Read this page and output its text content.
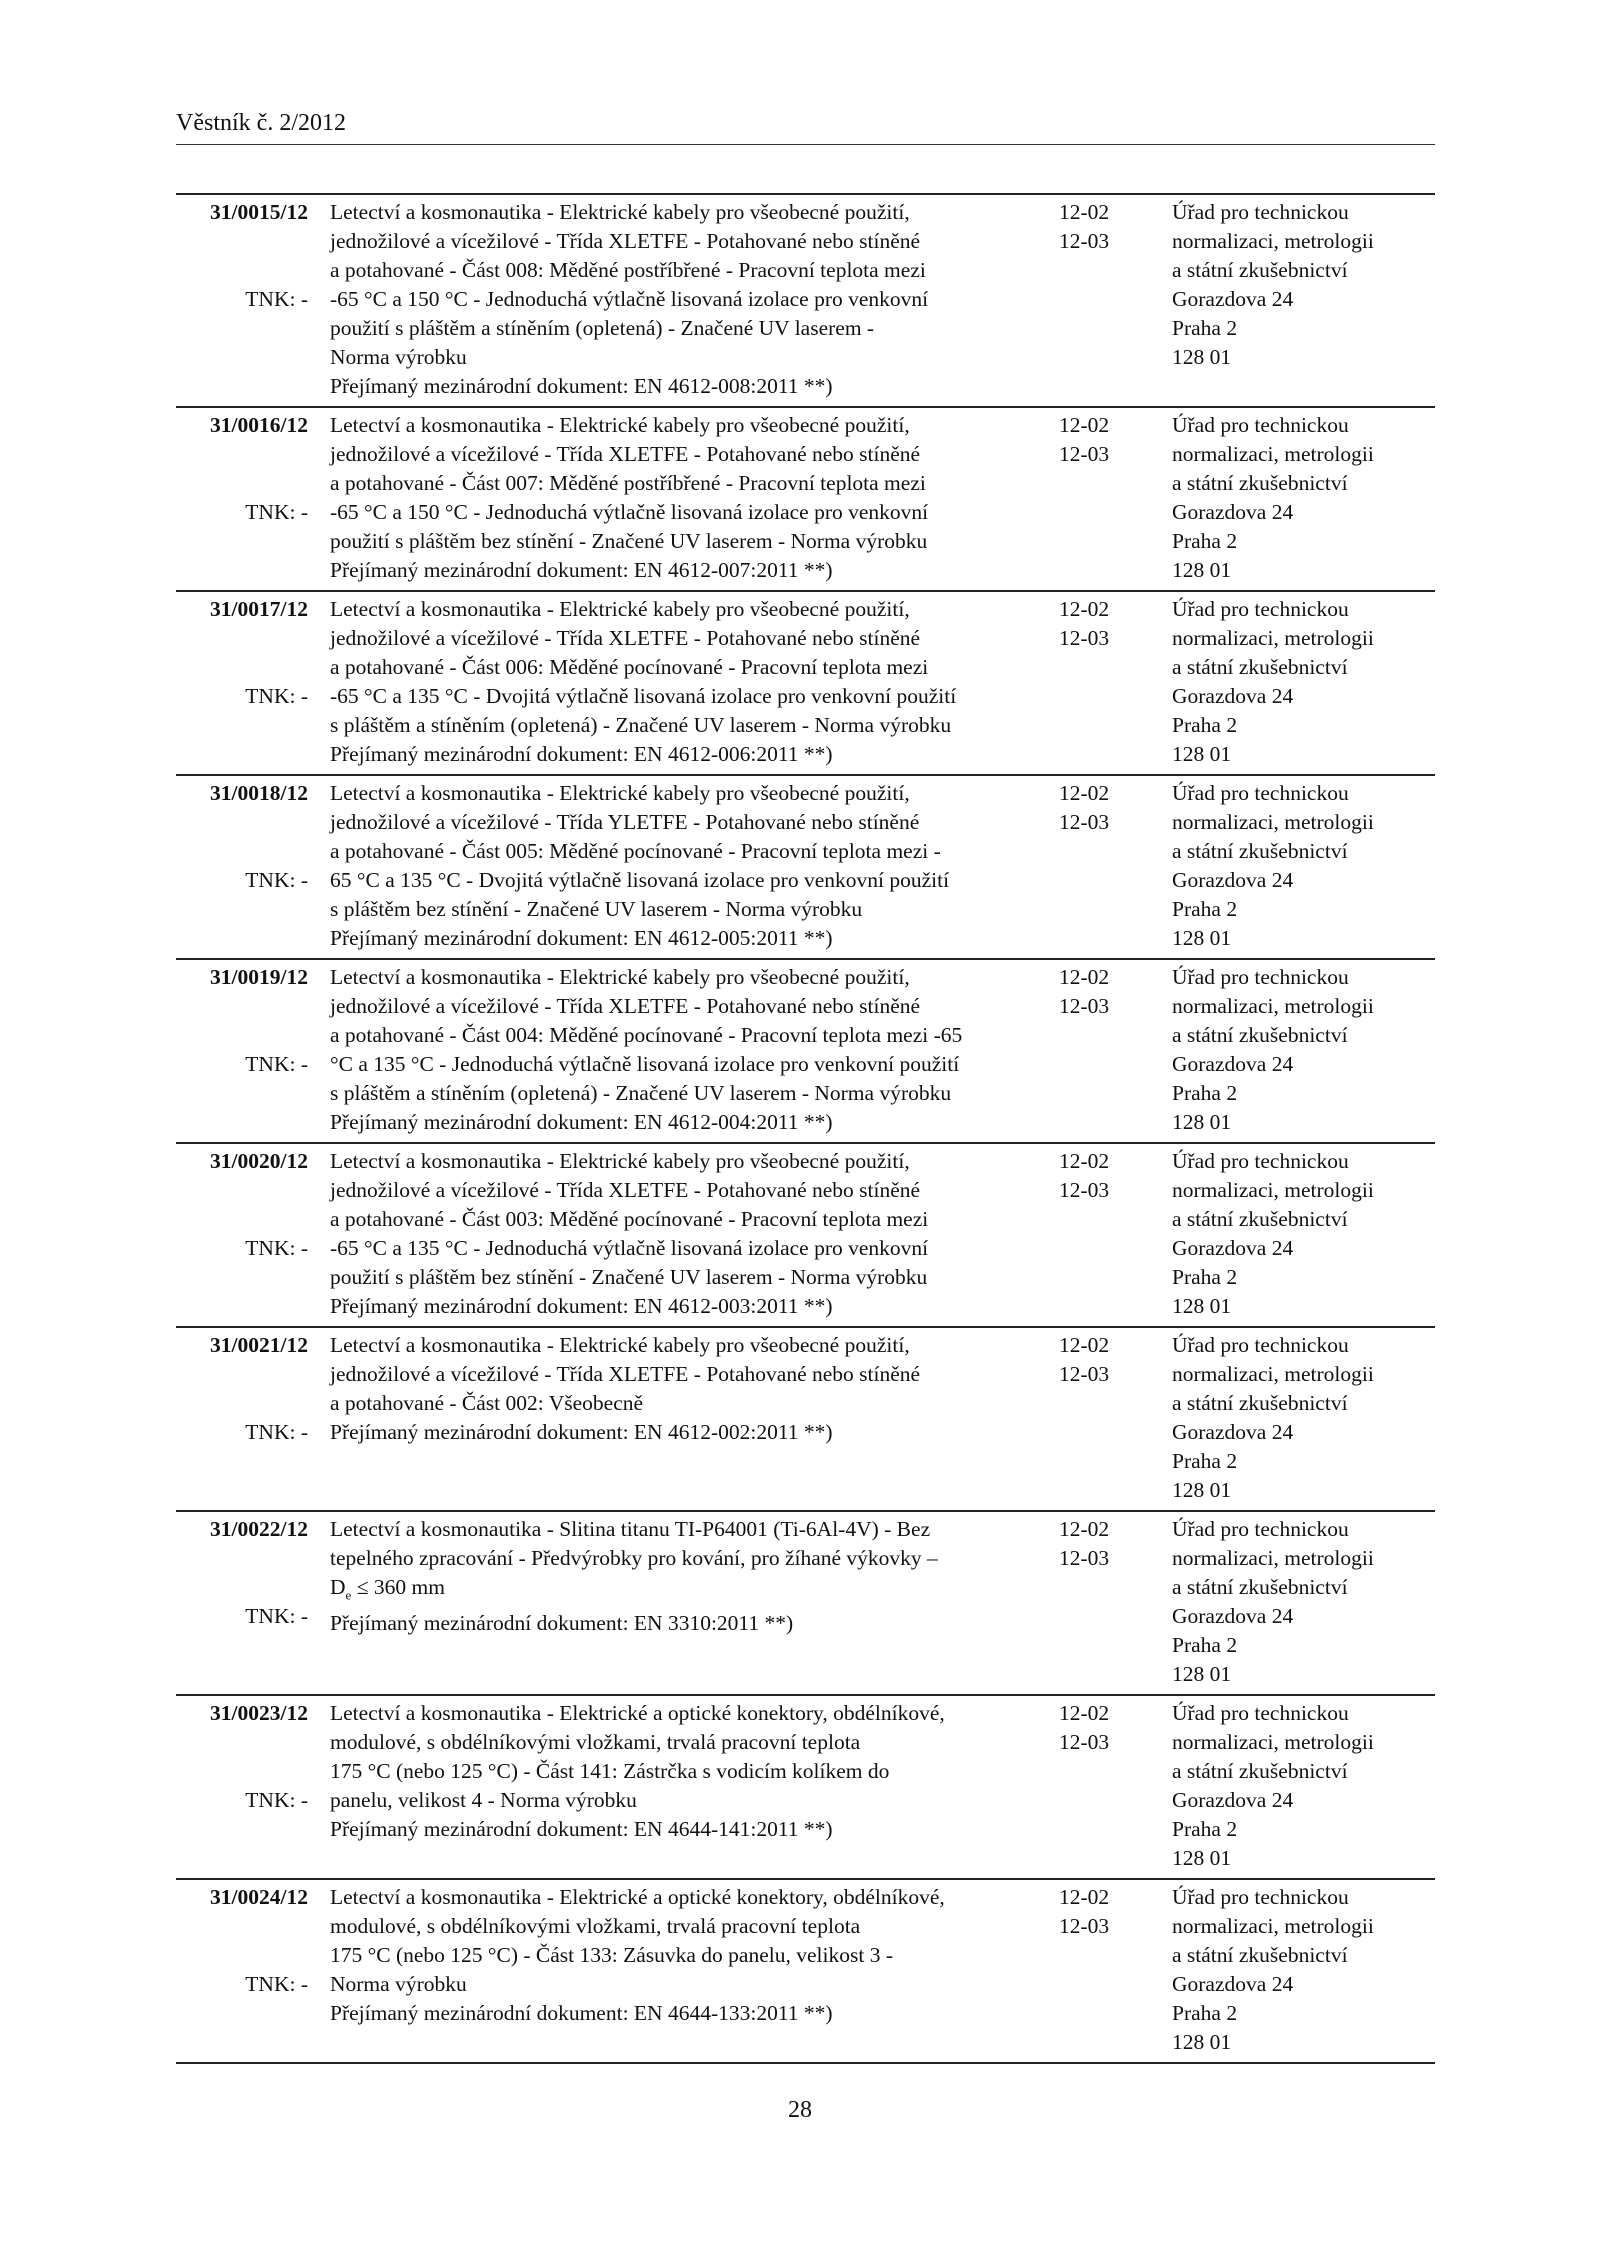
Věstník č. 2/2012
31/0015/12

TNK: -
Letectví a kosmonautika - Elektrické kabely pro všeobecné použití,
jednožilové a vícežilové - Třída XLETFE - Potahované nebo stíněné
a potahované - Část 008: Měděné postříbřené - Pracovní teplota mezi
-65 °C a 150 °C - Jednoduchá výtlačně lisovaná izolace pro venkovní
použití s pláštěm a stíněním (opletená) - Značené UV laserem -
Norma výrobku
Přejímaný mezinárodní dokument: EN 4612-008:2011 **)
12-02
12-03
Úřad pro technickou
normalizaci, metrologii
a státní zkušebnictví
Gorazdova 24
Praha 2
128 01
31/0016/12

TNK: -
Letectví a kosmonautika - Elektrické kabely pro všeobecné použití,
jednožilové a vícežilové - Třída XLETFE - Potahované nebo stíněné
a potahované - Část 007: Měděné postříbřené - Pracovní teplota mezi
-65 °C a 150 °C - Jednoduchá výtlačně lisovaná izolace pro venkovní
použití s pláštěm bez stínění - Značené UV laserem - Norma výrobku
Přejímaný mezinárodní dokument: EN 4612-007:2011 **)
12-02
12-03
Úřad pro technickou
normalizaci, metrologii
a státní zkušebnictví
Gorazdova 24
Praha 2
128 01
31/0017/12

TNK: -
Letectví a kosmonautika - Elektrické kabely pro všeobecné použití,
jednožilové a vícežilové - Třída XLETFE - Potahované nebo stíněné
a potahované - Část 006: Měděné pocínované - Pracovní teplota mezi
-65 °C a 135 °C - Dvojitá výtlačně lisovaná izolace pro venkovní použití
s pláštěm a stíněním (opletená) - Značené UV laserem - Norma výrobku
Přejímaný mezinárodní dokument: EN 4612-006:2011 **)
12-02
12-03
Úřad pro technickou
normalizaci, metrologii
a státní zkušebnictví
Gorazdova 24
Praha 2
128 01
31/0018/12

TNK: -
Letectví a kosmonautika - Elektrické kabely pro všeobecné použití,
jednožilové a vícežilové - Třída YLETFE - Potahované nebo stíněné
a potahované - Část 005: Měděné pocínované - Pracovní teplota mezi -
65 °C a 135 °C - Dvojitá výtlačně lisovaná izolace pro venkovní použití
s pláštěm bez stínění - Značené UV laserem - Norma výrobku
Přejímaný mezinárodní dokument: EN 4612-005:2011 **)
12-02
12-03
Úřad pro technickou
normalizaci, metrologii
a státní zkušebnictví
Gorazdova 24
Praha 2
128 01
31/0019/12

TNK: -
Letectví a kosmonautika - Elektrické kabely pro všeobecné použití,
jednožilové a vícežilové - Třída XLETFE - Potahované nebo stíněné
a potahované - Část 004: Měděné pocínované - Pracovní teplota mezi -65
°C a 135 °C - Jednoduchá výtlačně lisovaná izolace pro venkovní použití
s pláštěm a stíněním (opletená) - Značené UV laserem - Norma výrobku
Přejímaný mezinárodní dokument: EN 4612-004:2011 **)
12-02
12-03
Úřad pro technickou
normalizaci, metrologii
a státní zkušebnictví
Gorazdova 24
Praha 2
128 01
31/0020/12

TNK: -
Letectví a kosmonautika - Elektrické kabely pro všeobecné použití,
jednožilové a vícežilové - Třída XLETFE - Potahované nebo stíněné
a potahované - Část 003: Měděné pocínované - Pracovní teplota mezi
-65 °C a 135 °C - Jednoduchá výtlačně lisovaná izolace pro venkovní
použití s pláštěm bez stínění - Značené UV laserem - Norma výrobku
Přejímaný mezinárodní dokument: EN 4612-003:2011 **)
12-02
12-03
Úřad pro technickou
normalizaci, metrologii
a státní zkušebnictví
Gorazdova 24
Praha 2
128 01
31/0021/12

TNK: -
Letectví a kosmonautika - Elektrické kabely pro všeobecné použití,
jednožilové a vícežilové - Třída XLETFE - Potahované nebo stíněné
a potahované - Část 002: Všeobecně
Přejímaný mezinárodní dokument: EN 4612-002:2011 **)
12-02
12-03
Úřad pro technickou
normalizaci, metrologii
a státní zkušebnictví
Gorazdova 24
Praha 2
128 01
31/0022/12

TNK: -
Letectví a kosmonautika - Slitina titanu TI-P64001 (Ti-6Al-4V) - Bez
tepelného zpracování - Předvýrobky pro kování, pro žíhané výkovky –
$D_e \le 360$ mm
Přejímaný mezinárodní dokument: EN 3310:2011 **)
12-02
12-03
Úřad pro technickou
normalizaci, metrologii
a státní zkušebnictví
Gorazdova 24
Praha 2
128 01
31/0023/12

TNK: -
Letectví a kosmonautika - Elektrické a optické konektory, obdélníkové,
modulové, s obdélníkovými vložkami, trvalá pracovní teplota
175 °C (nebo 125 °C) - Část 141: Zástrčka s vodicím kolíkem do
panelu, velikost 4 - Norma výrobku
Přejímaný mezinárodní dokument: EN 4644-141:2011 **)
12-02
12-03
Úřad pro technickou
normalizaci, metrologii
a státní zkušebnictví
Gorazdova 24
Praha 2
128 01
31/0024/12

TNK: -
Letectví a kosmonautika - Elektrické a optické konektory, obdélníkové,
modulové, s obdélníkovými vložkami, trvalá pracovní teplota
175 °C (nebo 125 °C) - Část 133: Zásuvka do panelu, velikost 3 -
Norma výrobku
Přejímaný mezinárodní dokument: EN 4644-133:2011 **)
12-02
12-03
Úřad pro technickou
normalizaci, metrologii
a státní zkušebnictví
Gorazdova 24
Praha 2
128 01
28
